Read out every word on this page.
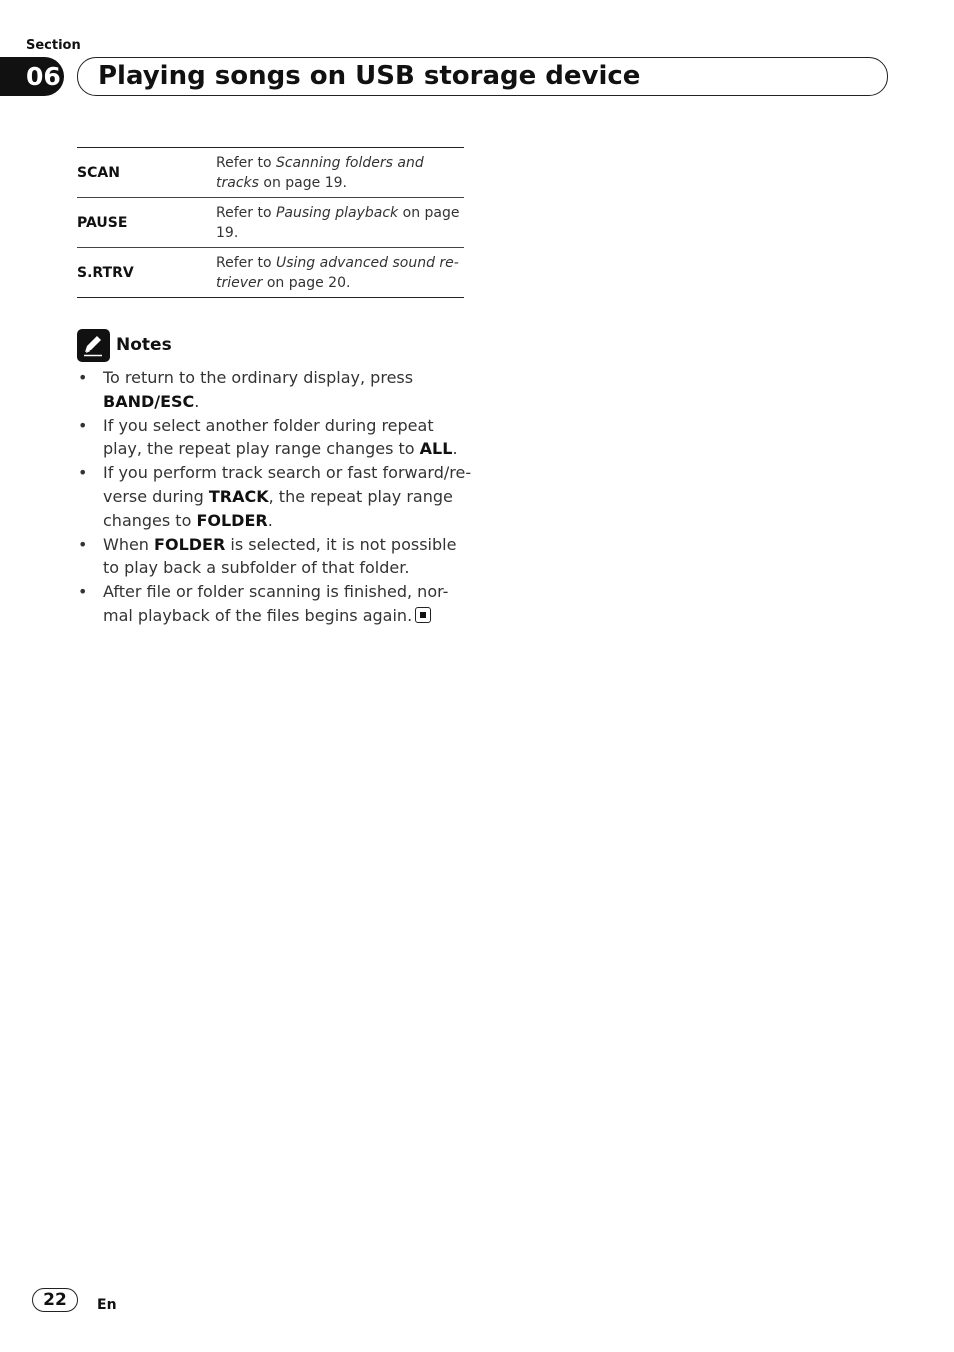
Section
06 Playing songs on USB storage device
SCAN	Refer to Scanning folders and tracks on page 19.
PAUSE	Refer to Pausing playback on page 19.
S.RTRV	Refer to Using advanced sound re-triever on page 20.
Notes
• To return to the ordinary display, press BAND/ESC.
• If you select another folder during repeat play, the repeat play range changes to ALL.
• If you perform track search or fast forward/re-verse during TRACK, the repeat play range changes to FOLDER.
• When FOLDER is selected, it is not possible to play back a subfolder of that folder.
• After file or folder scanning is finished, nor-mal playback of the files begins again.
22	En
